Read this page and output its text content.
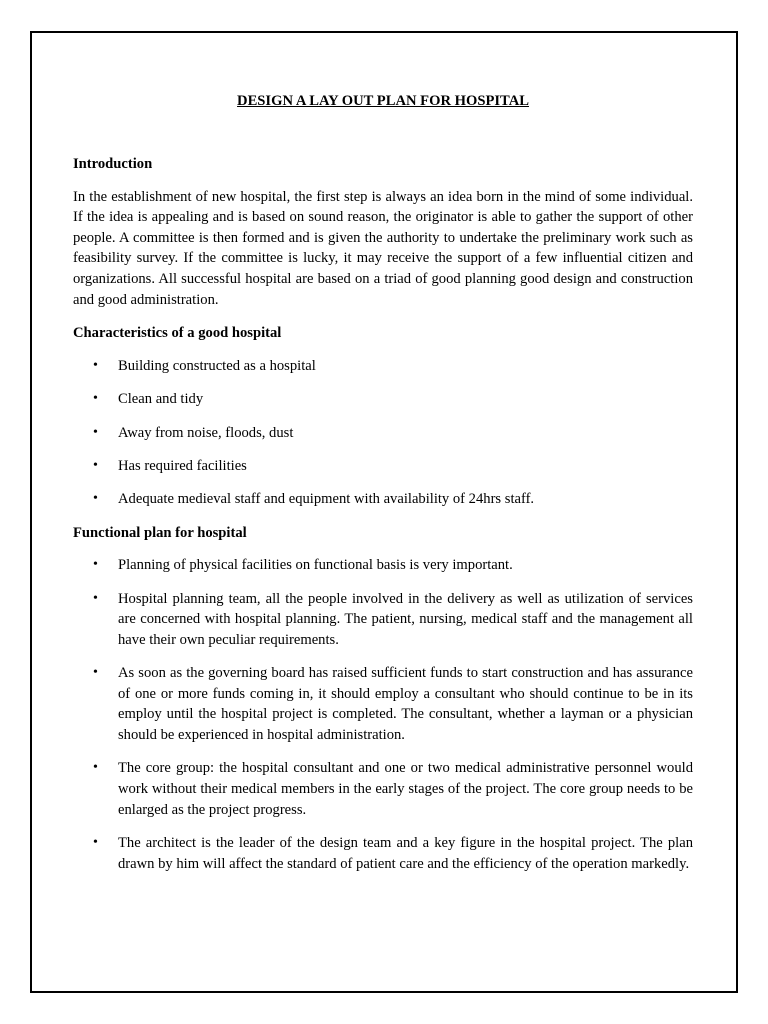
DESIGN A LAY OUT PLAN FOR HOSPITAL
Introduction

In the establishment of new hospital, the first step is always an idea born in the mind of some individual. If the idea is appealing and is based on sound reason, the originator is able to gather the support of other people. A committee is then formed and is given the authority to undertake the preliminary work such as feasibility survey. If the committee is lucky, it may receive the support of a few influential citizen and organizations. All successful hospital are based on a triad of good planning good design and construction and good administration.

Characteristics of a good hospital
• Building constructed as a hospital
• Clean and tidy
• Away from noise, floods, dust
• Has required facilities
• Adequate medieval staff and equipment with availability of 24hrs staff.
Functional plan for hospital
• Planning of physical facilities on functional basis is very important.
• Hospital planning team, all the people involved in the delivery as well as utilization of services are concerned with hospital planning. The patient, nursing, medical staff and the management all have their own peculiar requirements.
• As soon as the governing board has raised sufficient funds to start construction and has assurance of one or more funds coming in, it should employ a consultant who should continue to be in its employ until the hospital project is completed. The consultant, whether a layman or a physician should be experienced in hospital administration.
• The core group: the hospital consultant and one or two medical administrative personnel would work without their medical members in the early stages of the project. The core group needs to be enlarged as the project progress.
• The architect is the leader of the design team and a key figure in the hospital project. The plan drawn by him will affect the standard of patient care and the efficiency of the operation markedly.
